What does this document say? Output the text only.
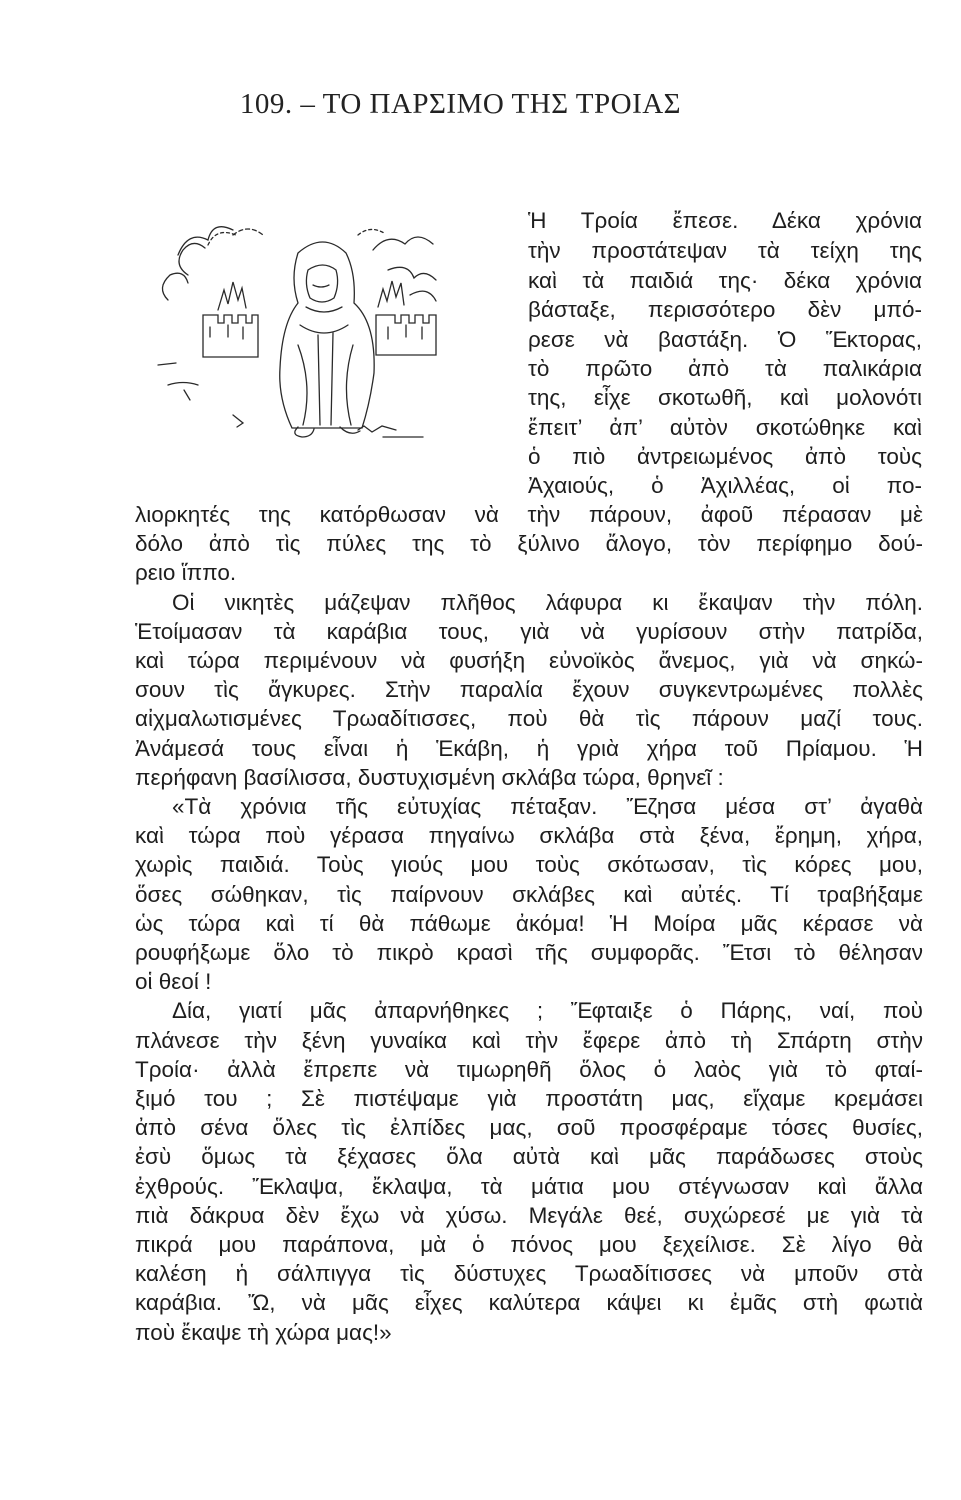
109. – ΤΟ ΠΑΡΣΙΜΟ ΤΗΣ ΤΡΟΙΑΣ
Ἡ Τροία ἔπεσε. Δέκα χρόνια
τὴν προστάτεψαν τὰ τείχη της
καὶ τὰ παιδιά της· δέκα χρόνια
βάσταξε, περισσότερο δὲν μπό-
ρεσε νὰ βαστάξη. Ὁ Ἕκτορας,
τὸ πρῶτο ἀπὸ τὰ παλικάρια
της, εἶχε σκοτωθῆ, καὶ μολονότι
ἔπειτ’ ἀπ’ αὐτὸν σκοτώθηκε καὶ
ὁ πιὸ ἀντρειωμένος ἀπὸ τοὺς
Ἀχαιούς, ὁ Ἀχιλλέας, οἱ πο-
λιορκητές της κατόρθωσαν νὰ τὴν πάρουν, ἀφοῦ πέρασαν μὲ
δόλο ἀπὸ τὶς πύλες της τὸ ξύλινο ἄλογο, τὸν περίφημο δού-
ρειο ἵππο.
Οἱ νικητὲς μάζεψαν πλῆθος λάφυρα κι ἔκαψαν τὴν πόλη.
Ἑτοίμασαν τὰ καράβια τους, γιὰ νὰ γυρίσουν στὴν πατρίδα,
καὶ τώρα περιμένουν νὰ φυσήξη εὐνοϊκὸς ἄνεμος, γιὰ νὰ σηκώ-
σουν τὶς ἄγκυρες. Στὴν παραλία ἔχουν συγκεντρωμένες πολλὲς
αἰχμαλωτισμένες Τρωαδίτισσες, ποὺ θὰ τὶς πάρουν μαζί τους.
Ἀνάμεσά τους εἶναι ἡ Ἑκάβη, ἡ γριὰ χήρα τοῦ Πρίαμου. Ἡ
περήφανη βασίλισσα, δυστυχισμένη σκλάβα τώρα, θρηνεῖ :
«Τὰ χρόνια τῆς εὐτυχίας πέταξαν. Ἔζησα μέσα στ’ ἀγαθὰ
καὶ τώρα ποὺ γέρασα πηγαίνω σκλάβα στὰ ξένα, ἔρημη, χήρα,
χωρὶς παιδιά. Τοὺς γιούς μου τοὺς σκότωσαν, τὶς κόρες μου,
ὅσες σώθηκαν, τὶς παίρνουν σκλάβες καὶ αὐτές. Τί τραβήξαμε
ὡς τώρα καὶ τί θὰ πάθωμε ἀκόμα! Ἡ Μοίρα μᾶς κέρασε νὰ
ρουφήξωμε ὅλο τὸ πικρὸ κρασὶ τῆς συμφορᾶς. Ἔτσι τὸ θέλησαν
οἱ θεοί !
Δία, γιατί μᾶς ἀπαρνήθηκες ; Ἔφταιξε ὁ Πάρης, ναί, ποὺ
πλάνεσε τὴν ξένη γυναίκα καὶ τὴν ἔφερε ἀπὸ τὴ Σπάρτη στὴν
Τροία· ἀλλὰ ἔπρεπε νὰ τιμωρηθῆ ὅλος ὁ λαὸς γιὰ τὸ φταί-
ξιμό του ; Σὲ πιστέψαμε γιὰ προστάτη μας, εἴχαμε κρεμάσει
ἀπὸ σένα ὅλες τὶς ἐλπίδες μας, σοῦ προσφέραμε τόσες θυσίες,
ἐσὺ ὅμως τὰ ξέχασες ὅλα αὐτὰ καὶ μᾶς παράδωσες στοὺς
ἐχθρούς. Ἔκλαψα, ἔκλαψα, τὰ μάτια μου στέγνωσαν καὶ ἄλλα
πιὰ δάκρυα δὲν ἔχω νὰ χύσω. Μεγάλε θεέ, συχώρεσέ με γιὰ τὰ
πικρά μου παράπονα, μὰ ὁ πόνος μου ξεχείλισε. Σὲ λίγο θὰ
καλέση ἡ σάλπιγγα τὶς δύστυχες Τρωαδίτισσες νὰ μποῦν στὰ
καράβια. Ὤ, νὰ μᾶς εἶχες καλύτερα κάψει κι ἐμᾶς στὴ φωτιὰ
ποὺ ἔκαψε τὴ χώρα μας!»
